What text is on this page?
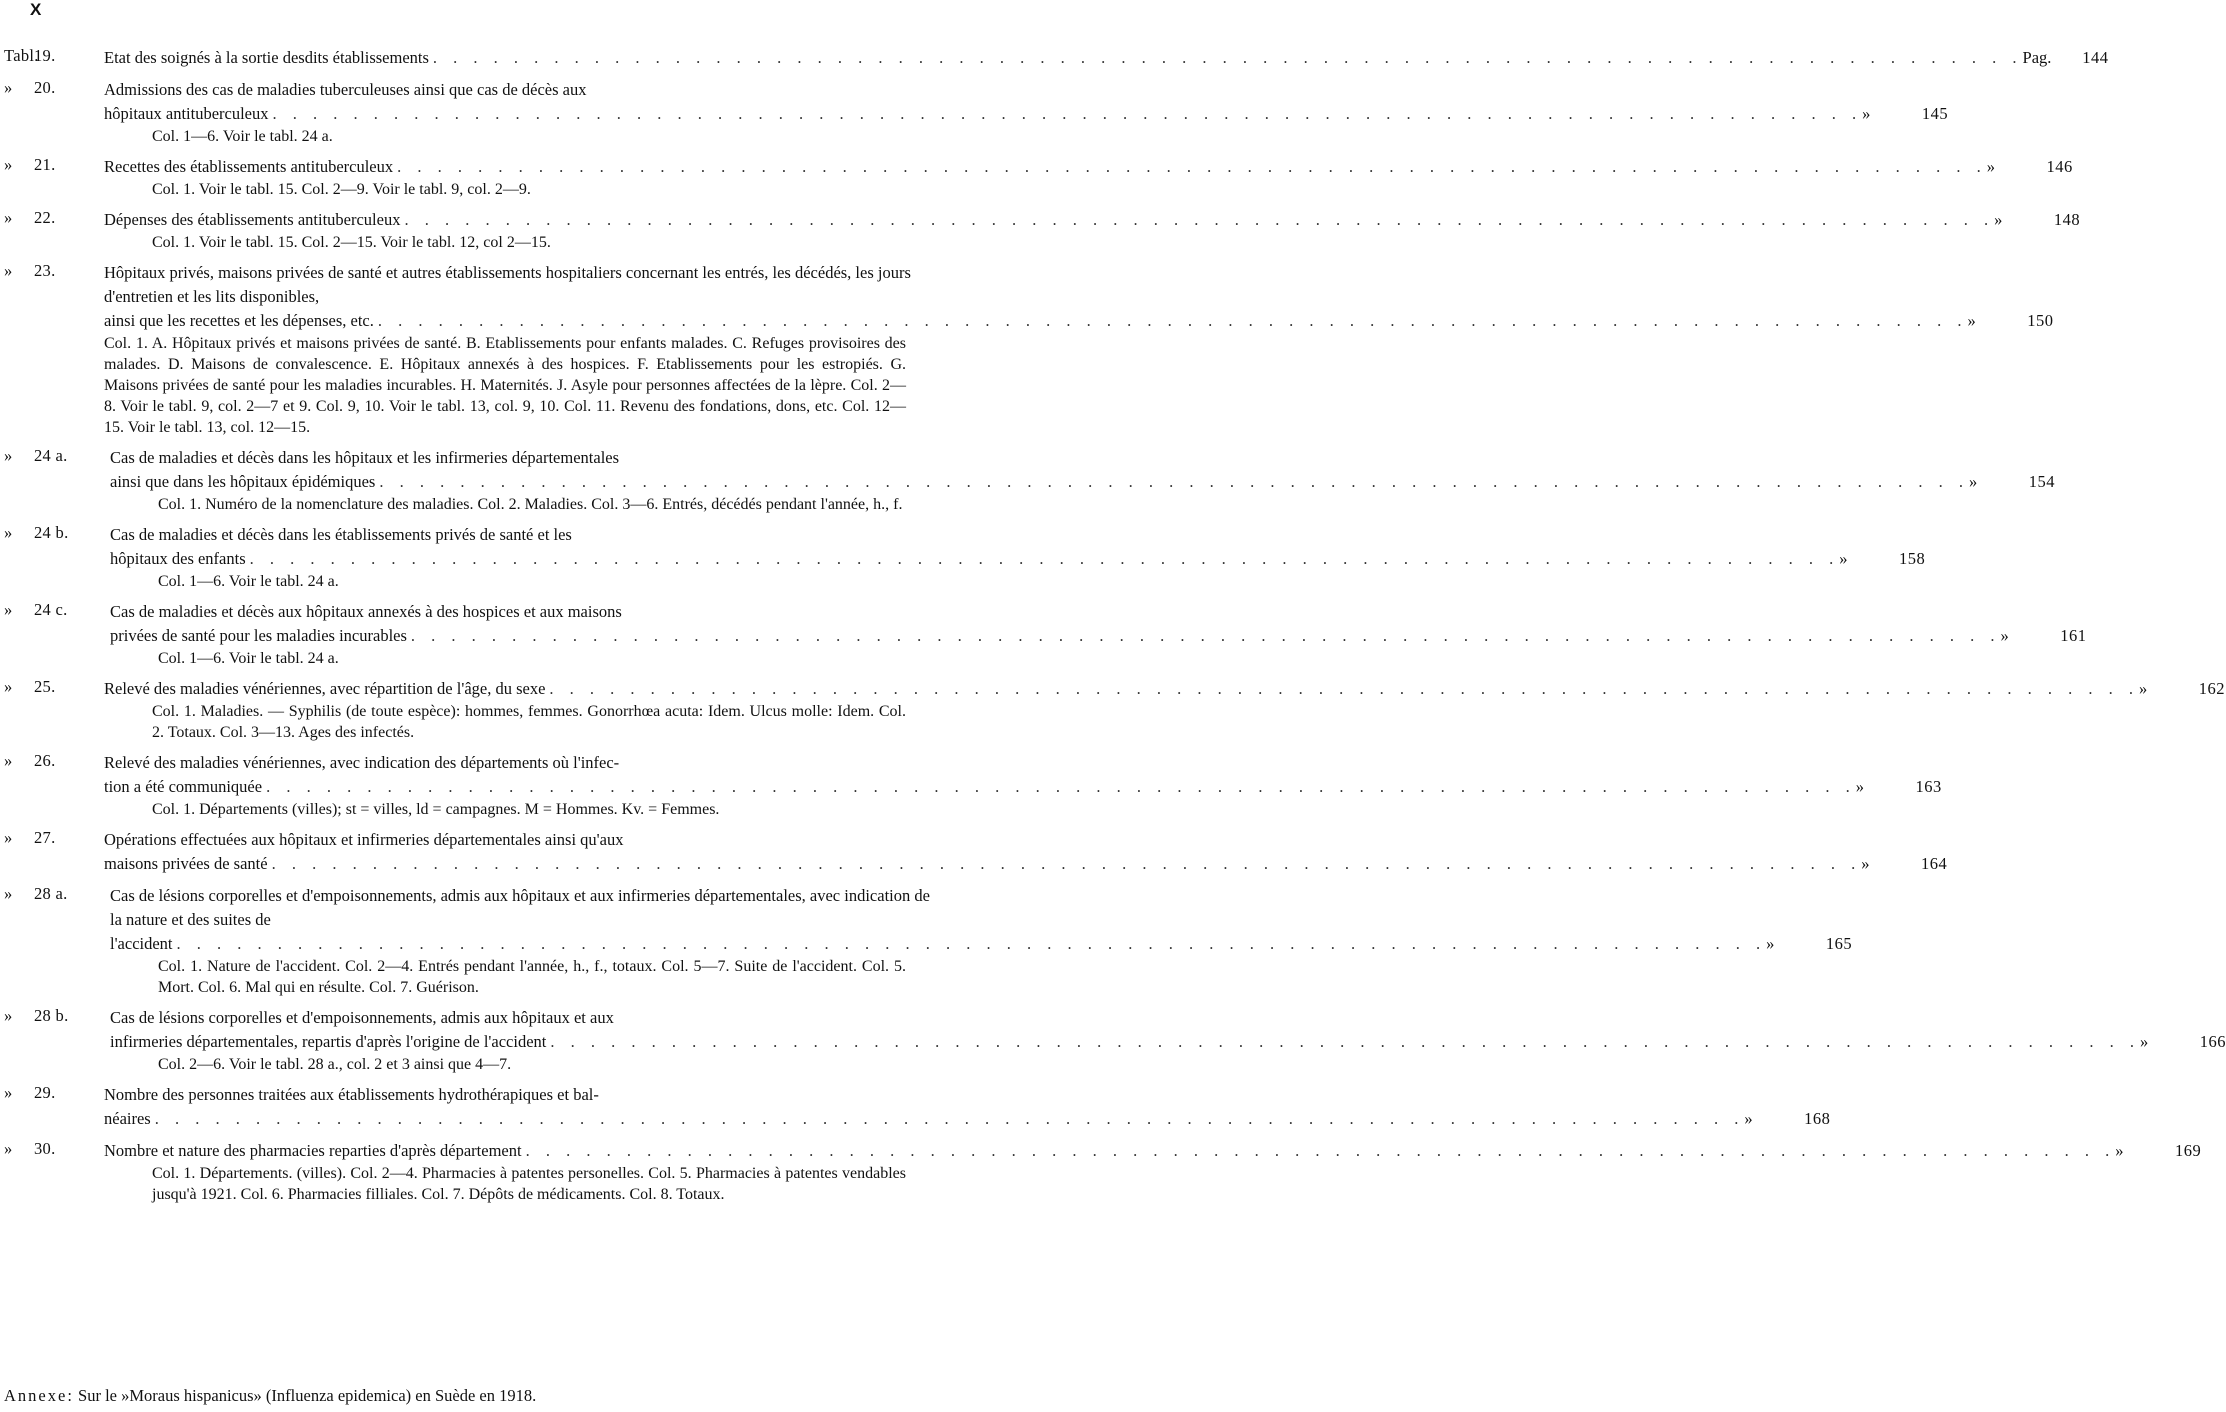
X
Tabl.19.	Etat des soignés à la sortie desdits établissements . . . . . . . . . . . . . . . . . . . . . . . . . . . . . . . . . . . . . . . . . . . . . . . . . . . . . . . . . . . . . . . . . . . . . . . . . . . . . . . Pag. 144
» 20.	Admissions des cas de maladies tuberculeuses ainsi que cas de décès aux
hôpitaux antituberculeux . . . . . . . . . . . . . . . . . . . . . . . . . . . . . . . . . . . . . . . . . . . . . . . . . . . . . . . . . . . . . . . . . . . . . . . . . . . . . . . »	145
Col. 1—6. Voir le tabl. 24 a.
» 21.	Recettes des établissements antituberculeux . . . . . . . . . . . . . . . . . . . . . . . . . . . . . . . . . . . . . . . . . . . . . . . . . . . . . . . . . . . . . . . . . . . . . . . . . . . . . . . »	146
Col. 1. Voir le tabl. 15. Col. 2—9. Voir le tabl. 9, col. 2—9.
» 22.	Dépenses des établissements antituberculeux . . . . . . . . . . . . . . . . . . . . . . . . . . . . . . . . . . . . . . . . . . . . . . . . . . . . . . . . . . . . . . . . . . . . . . . . . . . . . . . »	148
Col. 1. Voir le tabl. 15. Col. 2—15. Voir le tabl. 12, col 2—15.
» 23.	Hôpitaux privés, maisons privées de santé et autres établissements hospitaliers concernant les entrés, les décédés, les jours d'entretien et les lits disponibles,
ainsi que les recettes et les dépenses, etc. . . . . . . . . . . . . . . . . . . . . . . . . . . . . . . . . . . . . . . . . . . . . . . . . . . . . . . . . . . . . . . . . . . . . . . . . . . . . . . . »	150
Col. 1. A. Hôpitaux privés et maisons privées de santé. B. Etablissements pour enfants malades. C. Refuges provisoires des malades. D. Maisons de convalescence. E. Hôpitaux annexés à des hospices. F. Etablissements pour les estropiés. G. Maisons privées de santé pour les maladies incurables. H. Maternités. J. Asyle pour personnes affectées de la lèpre. Col. 2—8. Voir le tabl. 9, col. 2—7 et 9. Col. 9, 10. Voir le tabl. 13, col. 9, 10. Col. 11. Revenu des fondations, dons, etc. Col. 12—15. Voir le tabl. 13, col. 12—15.
» 24 a.	Cas de maladies et décès dans les hôpitaux et les infirmeries départementales
ainsi que dans les hôpitaux épidémiques . . . . . . . . . . . . . . . . . . . . . . . . . . . . . . . . . . . . . . . . . . . . . . . . . . . . . . . . . . . . . . . . . . . . . . . . . . . . . . . »	154
Col. 1. Numéro de la nomenclature des maladies. Col. 2. Maladies. Col. 3—6. Entrés, décédés pendant l'année, h., f.
» 24 b.	Cas de maladies et décès dans les établissements privés de santé et les
hôpitaux des enfants . . . . . . . . . . . . . . . . . . . . . . . . . . . . . . . . . . . . . . . . . . . . . . . . . . . . . . . . . . . . . . . . . . . . . . . . . . . . . . . »	158
Col. 1—6. Voir le tabl. 24 a.
» 24 c.	Cas de maladies et décès aux hôpitaux annexés à des hospices et aux maisons
privées de santé pour les maladies incurables . . . . . . . . . . . . . . . . . . . . . . . . . . . . . . . . . . . . . . . . . . . . . . . . . . . . . . . . . . . . . . . . . . . . . . . . . . . . . . . »	161
Col. 1—6. Voir le tabl. 24 a.
» 25.	Relevé des maladies vénériennes, avec répartition de l'âge, du sexe . . . . . . . . . . . . . . . . . . . . . . . . . . . . . . . . . . . . . . . . . . . . . . . . . . . . . . . . . . . . . . . . . . . . . . . . . . . . . . . »	162
Col. 1. Maladies. — Syphilis (de toute espèce): hommes, femmes. Gonorrhœa acuta: Idem. Ulcus molle: Idem. Col. 2. Totaux. Col. 3—13. Ages des infectés.
» 26.	Relevé des maladies vénériennes, avec indication des départements où l'infec-
tion a été communiquée . . . . . . . . . . . . . . . . . . . . . . . . . . . . . . . . . . . . . . . . . . . . . . . . . . . . . . . . . . . . . . . . . . . . . . . . . . . . . . . »	163
Col. 1. Départements (villes); st = villes, ld = campagnes. M = Hommes. Kv. = Femmes.
» 27.	Opérations effectuées aux hôpitaux et infirmeries départementales ainsi qu'aux
maisons privées de santé . . . . . . . . . . . . . . . . . . . . . . . . . . . . . . . . . . . . . . . . . . . . . . . . . . . . . . . . . . . . . . . . . . . . . . . . . . . . . . . »	164
» 28 a.	Cas de lésions corporelles et d'empoisonnements, admis aux hôpitaux et aux infirmeries départementales, avec indication de la nature et des suites de
l'accident . . . . . . . . . . . . . . . . . . . . . . . . . . . . . . . . . . . . . . . . . . . . . . . . . . . . . . . . . . . . . . . . . . . . . . . . . . . . . . . »	165
Col. 1. Nature de l'accident. Col. 2—4. Entrés pendant l'année, h., f., totaux. Col. 5—7. Suite de l'accident. Col. 5. Mort. Col. 6. Mal qui en résulte. Col. 7. Guérison.
» 28 b.	Cas de lésions corporelles et d'empoisonnements, admis aux hôpitaux et aux
infirmeries départementales, repartis d'après l'origine de l'accident . . . . . . . . . . . . . . . . . . . . . . . . . . . . . . . . . . . . . . . . . . . . . . . . . . . . . . . . . . . . . . . . . . . . . . . . . . . . . . . »	166
Col. 2—6. Voir le tabl. 28 a., col. 2 et 3 ainsi que 4—7.
» 29.	Nombre des personnes traitées aux établissements hydrothérapiques et bal-
néaires . . . . . . . . . . . . . . . . . . . . . . . . . . . . . . . . . . . . . . . . . . . . . . . . . . . . . . . . . . . . . . . . . . . . . . . . . . . . . . . »	168
» 30.	Nombre et nature des pharmacies reparties d'après département . . . . . . . . . . . . . . . . . . . . . . . . . . . . . . . . . . . . . . . . . . . . . . . . . . . . . . . . . . . . . . . . . . . . . . . . . . . . . . . »	169
Col. 1. Départements. (villes). Col. 2—4. Pharmacies à patentes personelles. Col. 5. Pharmacies à patentes vendables jusqu'à 1921. Col. 6. Pharmacies filliales. Col. 7. Dépôts de médicaments. Col. 8. Totaux.
Annexe: Sur le »Moraus hispanicus» (Influenza epidemica) en Suède en 1918.
